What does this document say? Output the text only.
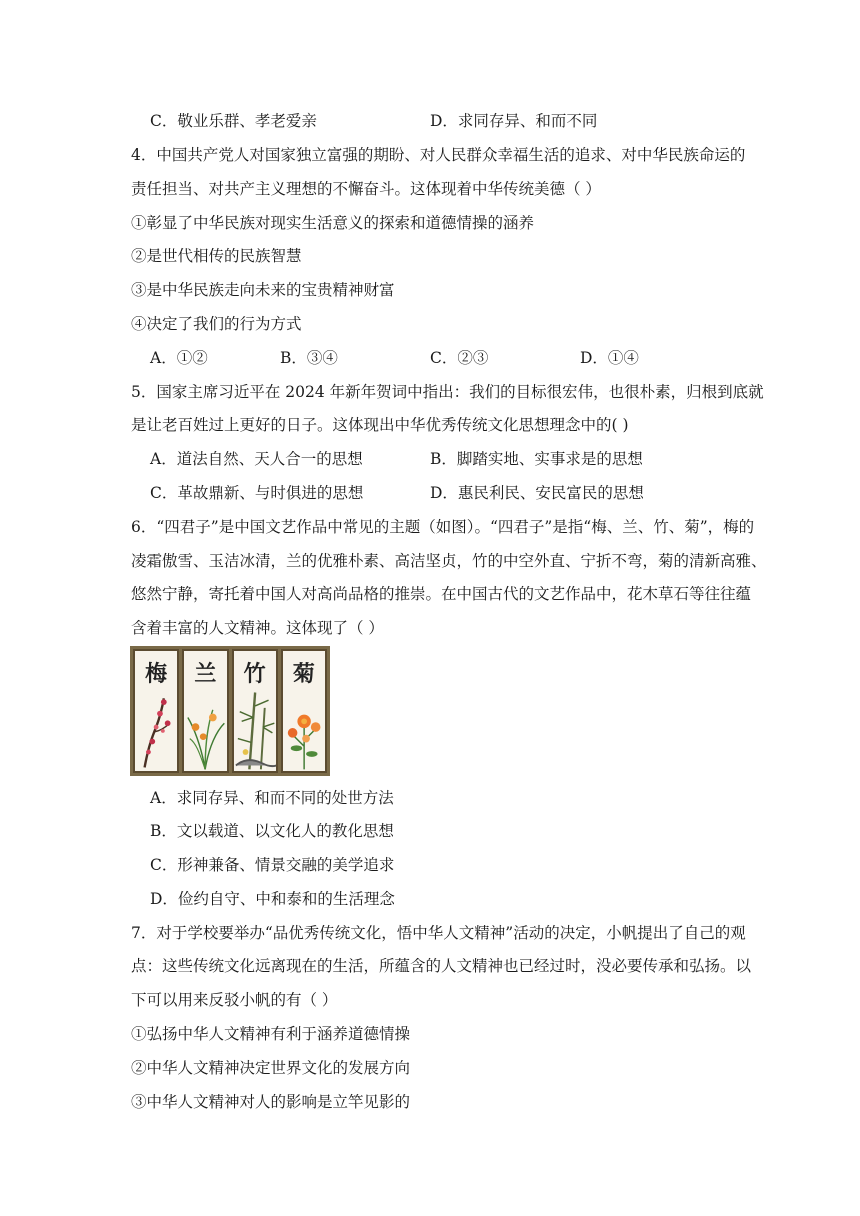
C．敬业乐群、孝老爱亲	D．求同存异、和而不同
4．中国共产党人对国家独立富强的期盼、对人民群众幸福生活的追求、对中华民族命运的
责任担当、对共产主义理想的不懈奋斗。这体现着中华传统美德（ ）
①彰显了中华民族对现实生活意义的探索和道德情操的涵养
②是世代相传的民族智慧
③是中华民族走向未来的宝贵精神财富
④决定了我们的行为方式
A．①②	B．③④	C．②③	D．①④
5．国家主席习近平在 2024 年新年贺词中指出：我们的目标很宏伟，也很朴素，归根到底就
是让老百姓过上更好的日子。这体现出中华优秀传统文化思想理念中的( )
A．道法自然、天人合一的思想	B．脚踏实地、实事求是的思想
C．革故鼎新、与时俱进的思想	D．惠民利民、安民富民的思想
6．“四君子”是中国文艺作品中常见的主题（如图）。“四君子”是指“梅、兰、竹、菊”，梅的
凌霜傲雪、玉洁冰清，兰的优雅朴素、高洁坚贞，竹的中空外直、宁折不弯，菊的清新高雅、
悠然宁静，寄托着中国人对高尚品格的推崇。在中国古代的文艺作品中，花木草石等往往蕴
含着丰富的人文精神。这体现了（ ）
梅	兰	竹	菊
A．求同存异、和而不同的处世方法
B．文以载道、以文化人的教化思想
C．形神兼备、情景交融的美学追求
D．俭约自守、中和泰和的生活理念
7．对于学校要举办“品优秀传统文化，悟中华人文精神”活动的决定，小帆提出了自己的观
点：这些传统文化远离现在的生活，所蕴含的人文精神也已经过时，没必要传承和弘扬。以
下可以用来反驳小帆的有（ ）
①弘扬中华人文精神有利于涵养道德情操
②中华人文精神决定世界文化的发展方向
③中华人文精神对人的影响是立竿见影的
